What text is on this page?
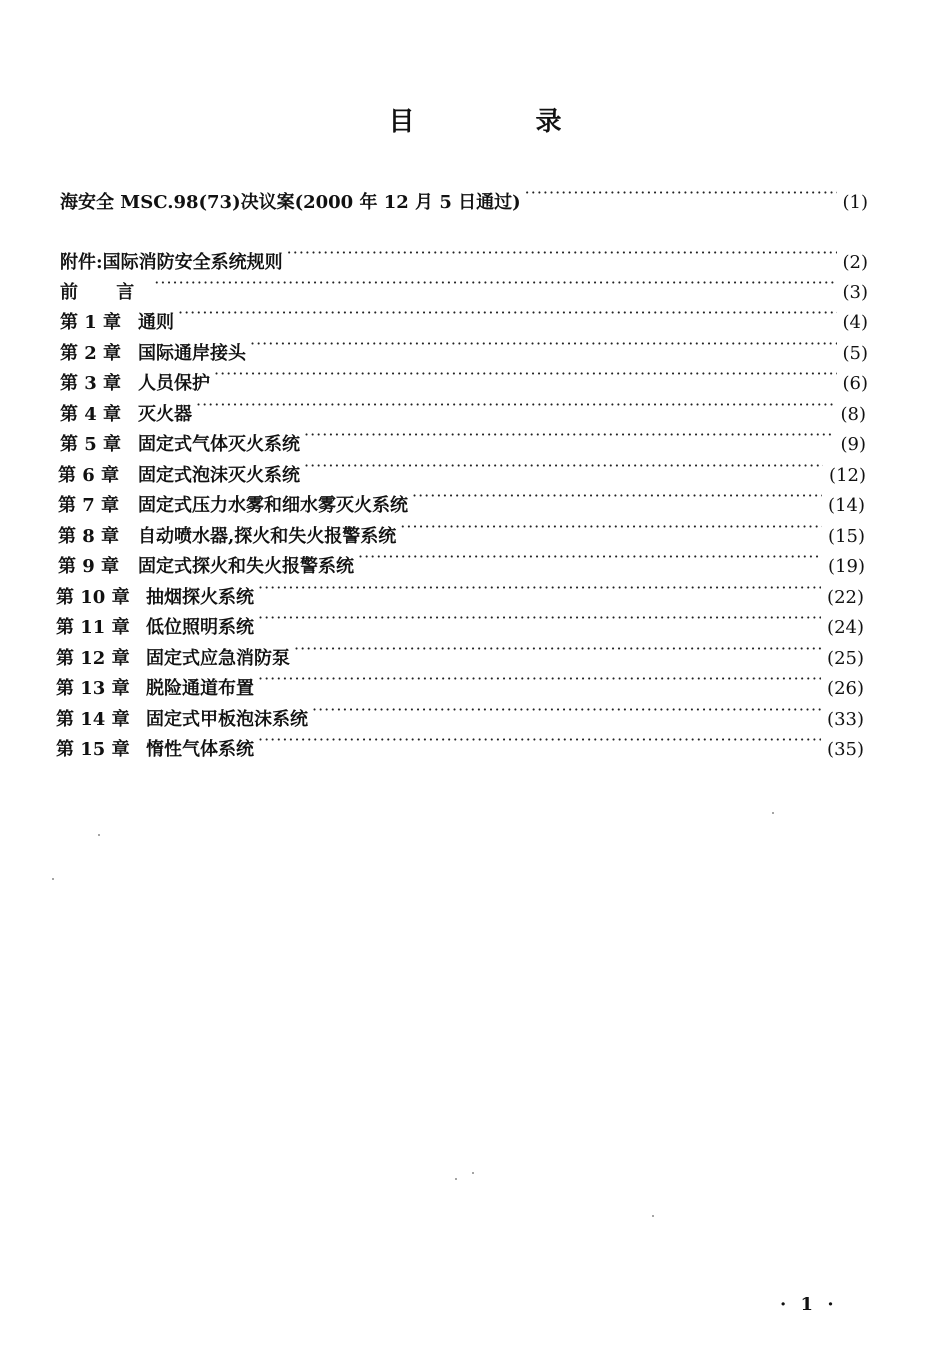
目 录
海安全 MSC.98(73)决议案(2000 年 12 月 5 日通过) ·····	(1)
附件:国际消防安全系统规则 ·····	(2)
前 言 ·····	(3)
第 1 章 通则 ·····	(4)
第 2 章 国际通岸接头 ·····	(5)
第 3 章 人员保护 ·····	(6)
第 4 章 灭火器 ·····	(8)
第 5 章 固定式气体灭火系统 ·····	(9)
第 6 章	固定式泡沫灭火系统 ·····	(12)
第 7 章	固定式压力水雾和细水雾灭火系统 ·····	(14)
第 8 章	自动喷水器,探火和失火报警系统 ·····	(15)
第 9 章	固定式探火和失火报警系统 ·····	(19)
第 10 章 抽烟探火系统 ·····	(22)
第 11 章 低位照明系统 ·····	(24)
第 12 章 固定式应急消防泵 ·····	(25)
第 13 章 脱险通道布置 ·····	(26)
第 14 章 固定式甲板泡沫系统 ·····	(33)
第 15 章 惰性气体系统 ·····	(35)
· 1 ·
